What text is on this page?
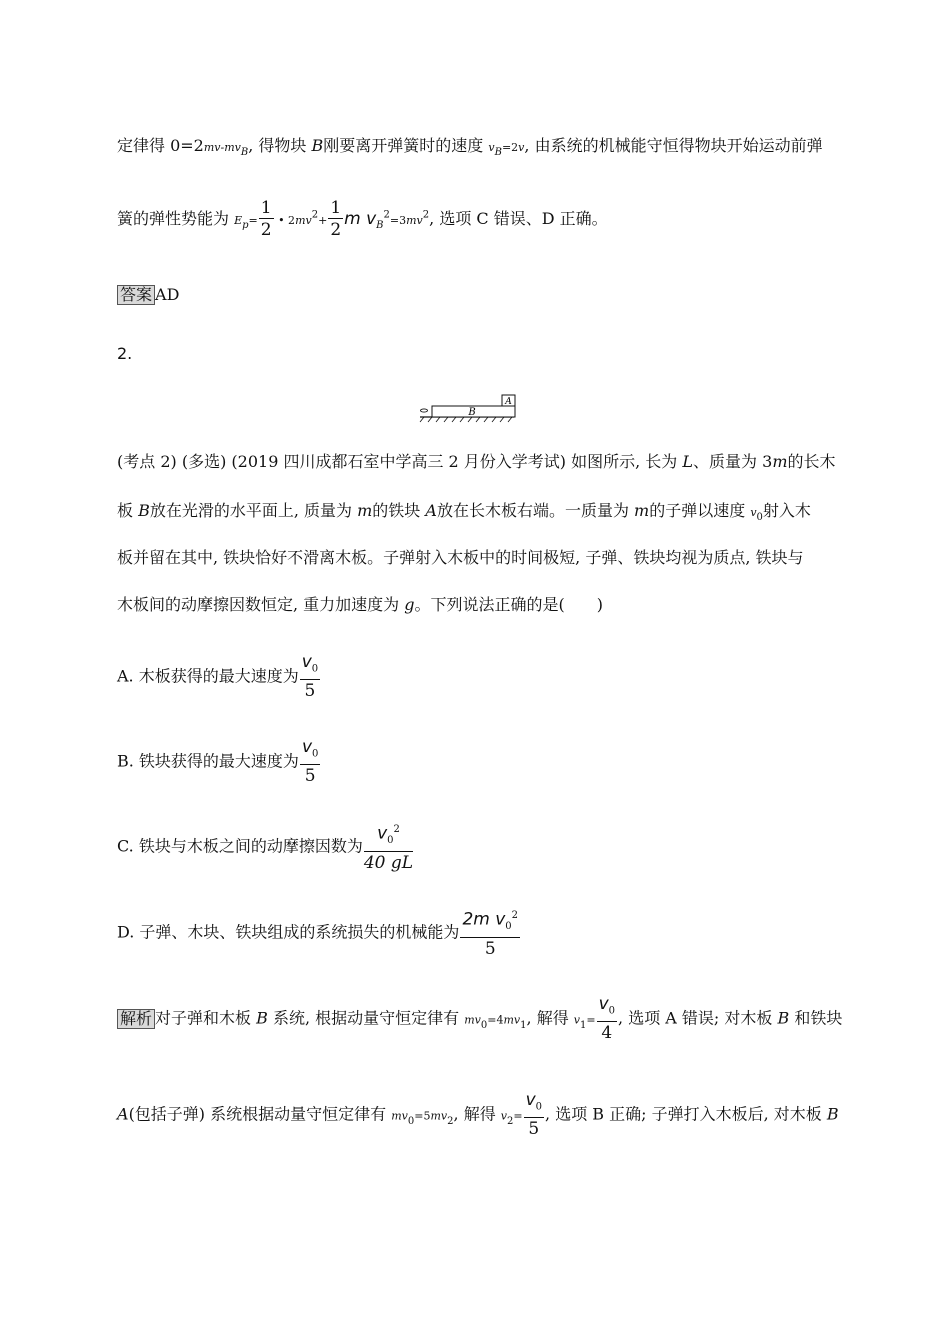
定律得 $0=2mv-mv_B$, 得物块 B刚要离开弹簧时的速度 $v_B=2v$, 由系统的机械能守恒得物块开始运动前弹
簧的弹性势能为 $E_p= \frac{1}{2}$ • $2mv^2+ \frac{1}{2}$ m $v_B^2=3mv^2$, 选项 C 错误、D 正确。
答案 AD
2.
A
B
(考点 2) (多选) (2019 四川成都石室中学高三 2 月份入学考试) 如图所示, 长为 L、质量为 3m的长木
板 B放在光滑的水平面上, 质量为 m的铁块 A放在长木板右端。一质量为 m的子弹以速度 $v_0$射入木
板并留在其中, 铁块恰好不滑离木板。子弹射入木板中的时间极短, 子弹、铁块均视为质点, 铁块与
木板间的动摩擦因数恒定, 重力加速度为 g。下列说法正确的是(　　)
A. 木板获得的最大速度为 $\frac{v_0}{5}$
B. 铁块获得的最大速度为 $\frac{v_0}{5}$
C. 铁块与木板之间的动摩擦因数为 $\frac{v_0^2}{40 gL}$
D. 子弹、木块、铁块组成的系统损失的机械能为 $\frac{2m v_0^2}{5}$
解析 对子弹和木板 B 系统, 根据动量守恒定律有 $mv_0=4mv_1$, 解得 $v_1= \frac{v_0}{4}$ , 选项 A 错误; 对木板 B 和铁块
A(包括子弹) 系统根据动量守恒定律有 $mv_0=5mv_2$, 解得 $v_2= \frac{v_0}{5}$ , 选项 B 正确; 子弹打入木板后, 对木板 B
